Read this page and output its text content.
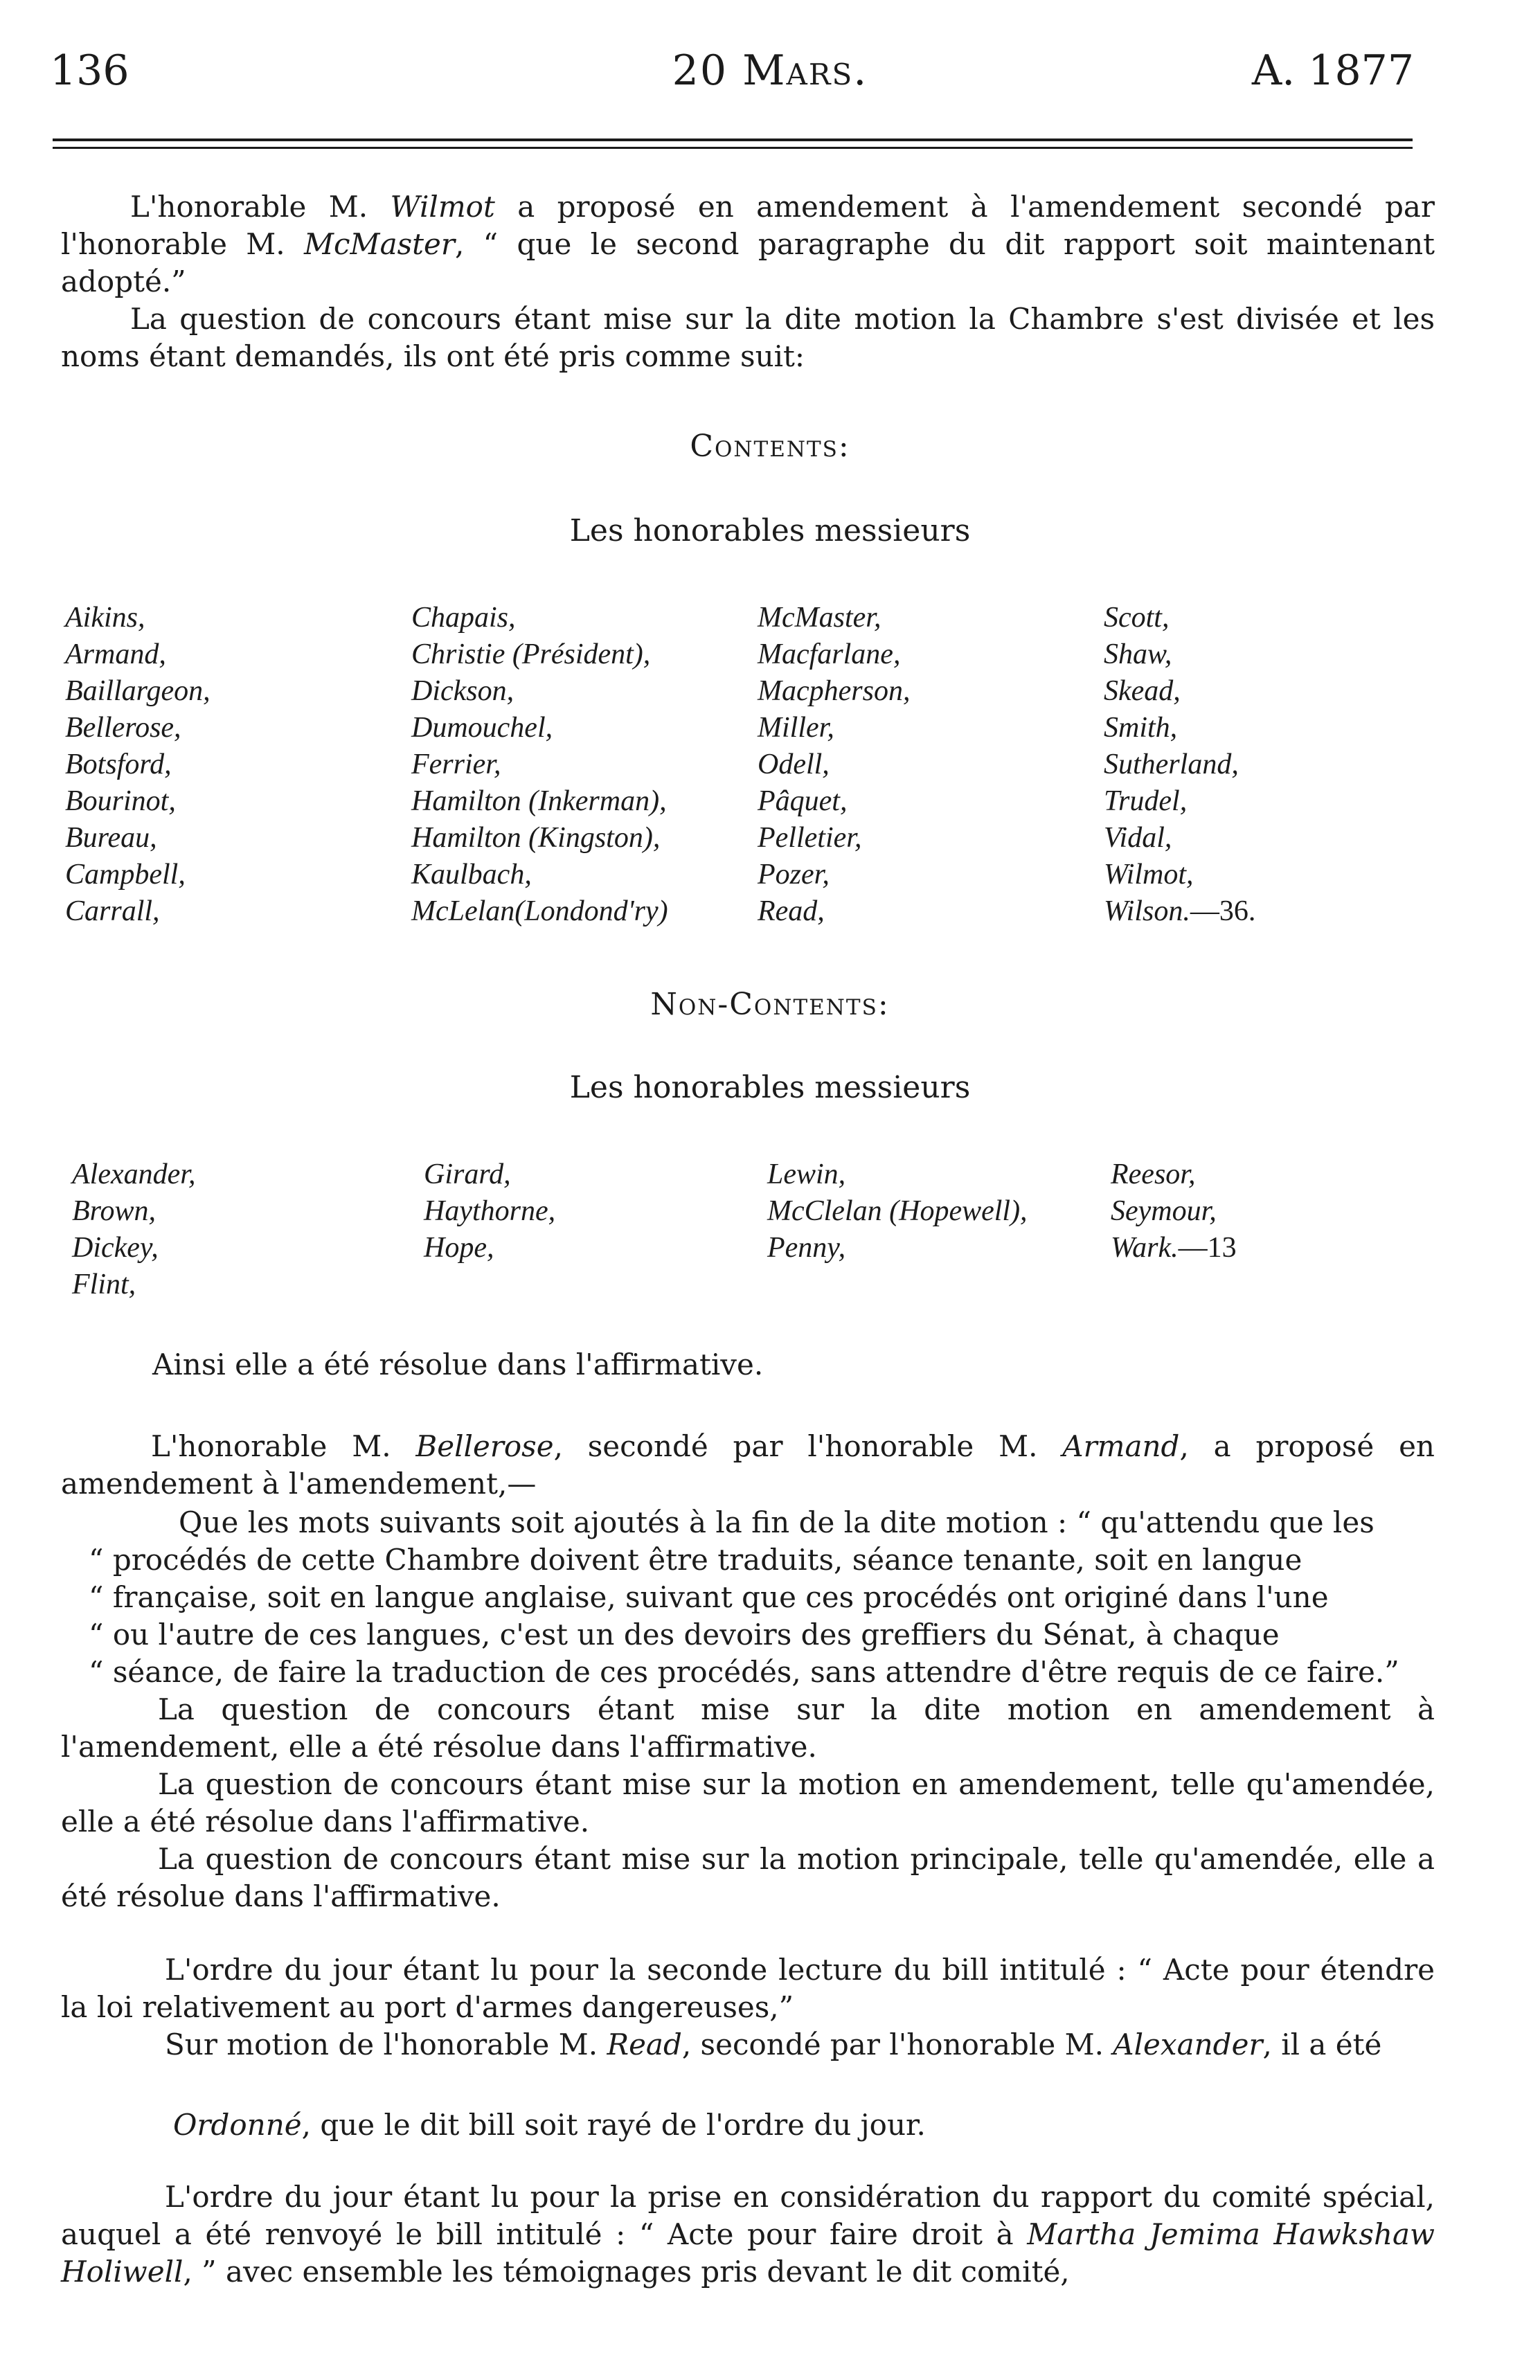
136	20 Mars.	A. 1877

L'honorable M. Wilmot a proposé en amendement à l'amendement secondé par l'honorable M. McMaster, “ que le second paragraphe du dit rapport soit maintenant adopté.”

La question de concours étant mise sur la dite motion la Chambre s'est divisée et les noms étant demandés, ils ont été pris comme suit:

Contents:
Les honorables messieurs
Aikins,
Armand,
Baillargeon,
Bellerose,
Botsford,
Bourinot,
Bureau,
Campbell,
Carrall,
Chapais,
Christie (Président),
Dickson,
Dumouchel,
Ferrier,
Hamilton (Inkerman),
Hamilton (Kingston),
Kaulbach,
McLelan(Londond'ry)
McMaster,
Macfarlane,
Macpherson,
Miller,
Odell,
Pâquet,
Pelletier,
Pozer,
Read,
Scott,
Shaw,
Skead,
Smith,
Sutherland,
Trudel,
Vidal,
Wilmot,
Wilson.—36.
Non-Contents:
Les honorables messieurs
Alexander,
Brown,
Dickey,
Flint,
Girard,
Haythorne,
Hope,
Lewin,
McClelan (Hopewell),
Penny,
Reesor,
Seymour,
Wark.—13

Ainsi elle a été résolue dans l'affirmative.

L'honorable M. Bellerose, secondé par l'honorable M. Armand, a proposé en amendement à l'amendement,—

Que les mots suivants soit ajoutés à la fin de la dite motion : “ qu'attendu que les
“ procédés de cette Chambre doivent être traduits, séance tenante, soit en langue
“ française, soit en langue anglaise, suivant que ces procédés ont originé dans l'une
“ ou l'autre de ces langues, c'est un des devoirs des greffiers du Sénat, à chaque
“ séance, de faire la traduction de ces procédés, sans attendre d'être requis de ce faire.”

La question de concours étant mise sur la dite motion en amendement à l'amendement, elle a été résolue dans l'affirmative.

La question de concours étant mise sur la motion en amendement, telle qu'amendée, elle a été résolue dans l'affirmative.

La question de concours étant mise sur la motion principale, telle qu'amendée, elle a été résolue dans l'affirmative.

L'ordre du jour étant lu pour la seconde lecture du bill intitulé : “ Acte pour étendre la loi relativement au port d'armes dangereuses,”

Sur motion de l'honorable M. Read, secondé par l'honorable M. Alexander, il a été

Ordonné, que le dit bill soit rayé de l'ordre du jour.

L'ordre du jour étant lu pour la prise en considération du rapport du comité spécial, auquel a été renvoyé le bill intitulé : “ Acte pour faire droit à Martha Jemima Hawkshaw Holiwell, ” avec ensemble les témoignages pris devant le dit comité,
